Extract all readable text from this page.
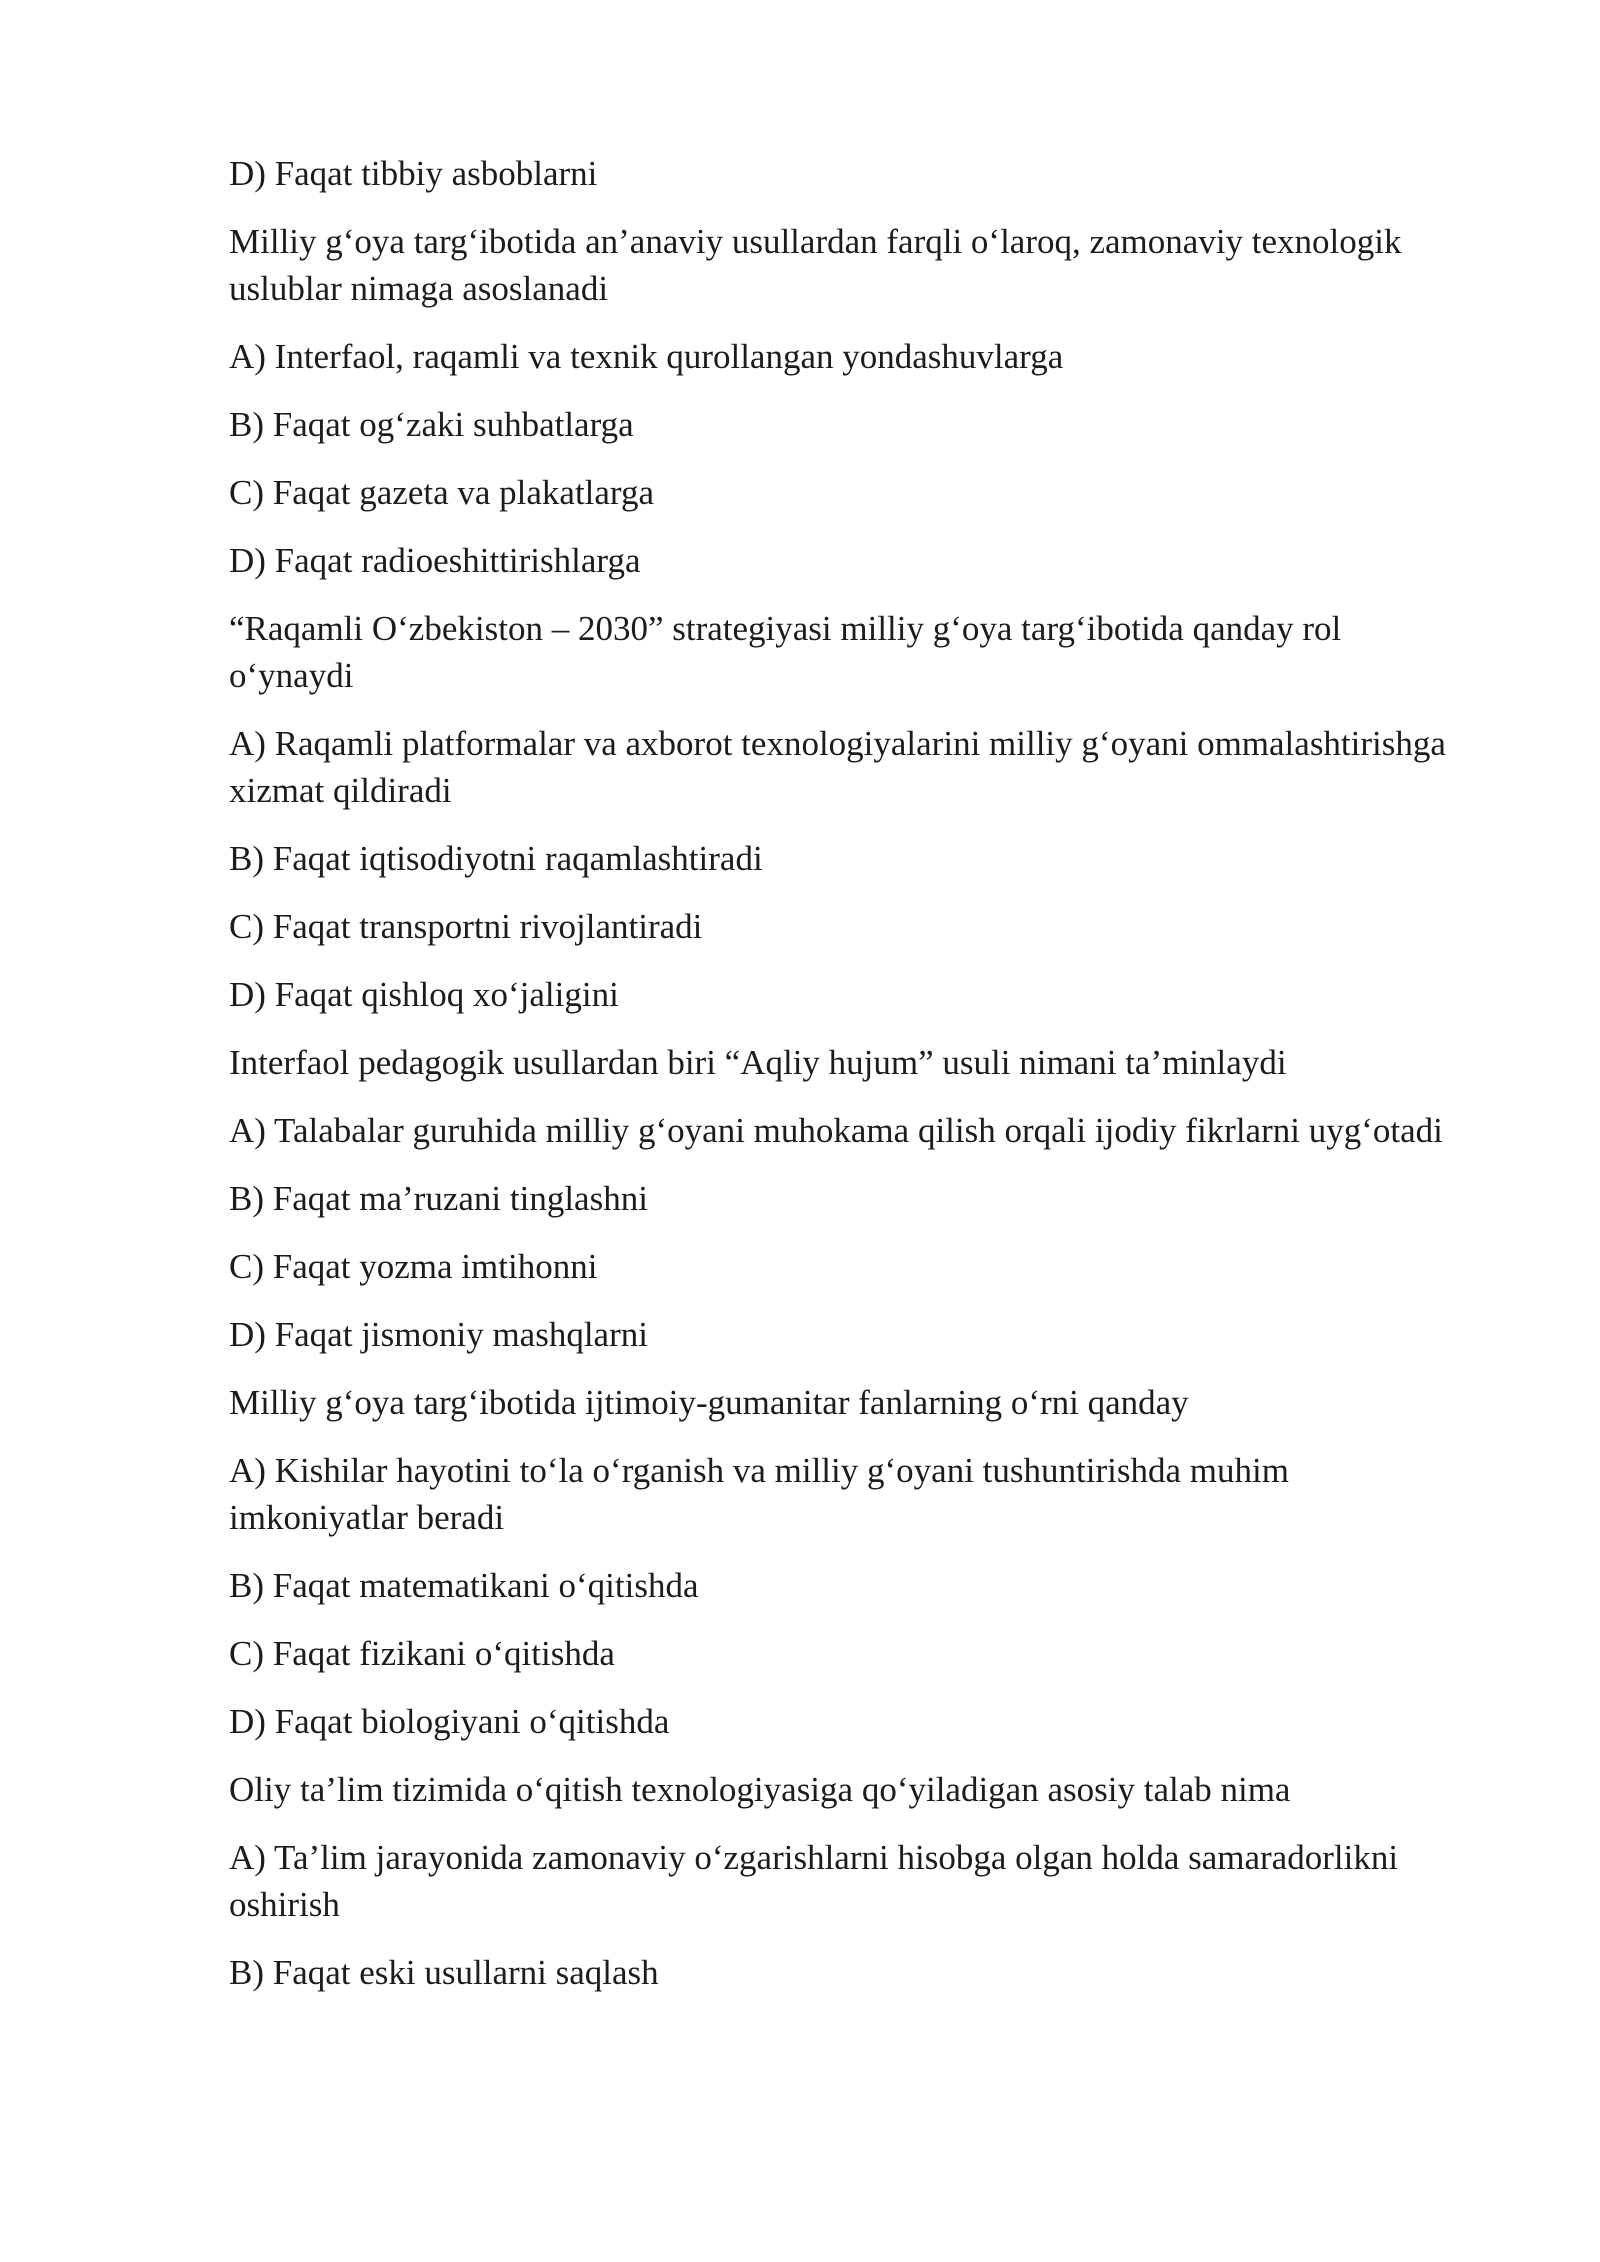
D) Faqat tibbiy asboblarni

Milliy g‘oya targ‘ibotida an’anaviy usullardan farqli o‘laroq, zamonaviy texnologik uslublar nimaga asoslanadi

A) Interfaol, raqamli va texnik qurollangan yondashuvlarga

B) Faqat og‘zaki suhbatlarga

C) Faqat gazeta va plakatlarga

D) Faqat radioeshittirishlarga

“Raqamli O‘zbekiston – 2030” strategiyasi milliy g‘oya targ‘ibotida qanday rol o‘ynaydi

A) Raqamli platformalar va axborot texnologiyalarini milliy g‘oyani ommalashtirishga xizmat qildiradi

B) Faqat iqtisodiyotni raqamlashtiradi

C) Faqat transportni rivojlantiradi

D) Faqat qishloq xo‘jaligini

Interfaol pedagogik usullardan biri “Aqliy hujum” usuli nimani ta’minlaydi

A) Talabalar guruhida milliy g‘oyani muhokama qilish orqali ijodiy fikrlarni uyg‘otadi

B) Faqat ma’ruzani tinglashni

C) Faqat yozma imtihonni

D) Faqat jismoniy mashqlarni

Milliy g‘oya targ‘ibotida ijtimoiy-gumanitar fanlarning o‘rni qanday

A) Kishilar hayotini to‘la o‘rganish va milliy g‘oyani tushuntirishda muhim imkoniyatlar beradi

B) Faqat matematikani o‘qitishda

C) Faqat fizikani o‘qitishda

D) Faqat biologiyani o‘qitishda

Oliy ta’lim tizimida o‘qitish texnologiyasiga qo‘yiladigan asosiy talab nima

A) Ta’lim jarayonida zamonaviy o‘zgarishlarni hisobga olgan holda samaradorlikni oshirish

B) Faqat eski usullarni saqlash
